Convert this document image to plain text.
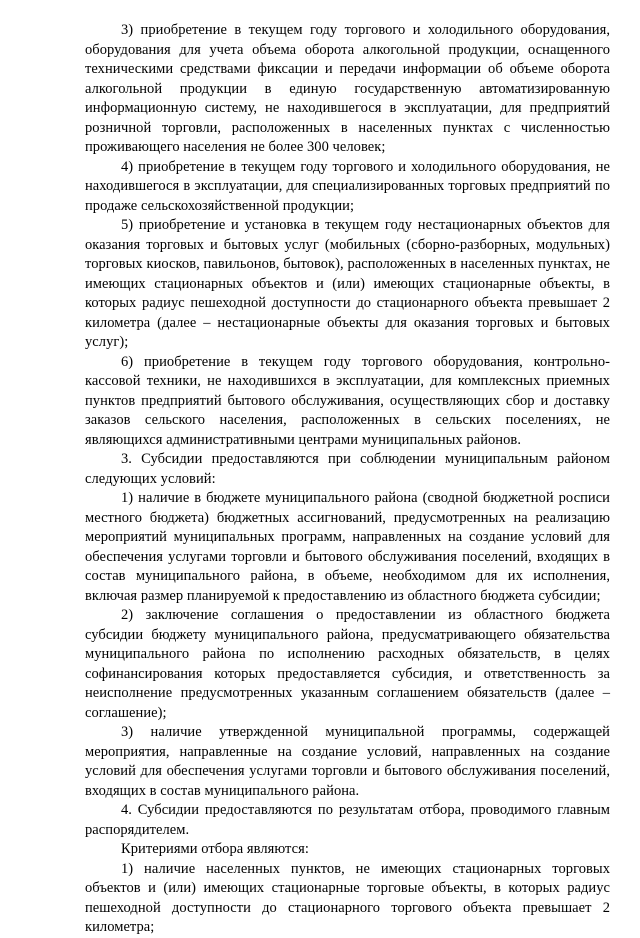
3) приобретение в текущем году торгового и холодильного оборудования, оборудования для учета объема оборота алкогольной продукции, оснащенного техническими средствами фиксации и передачи информации об объеме оборота алкогольной продукции в единую государственную автоматизированную информационную систему, не находившегося в эксплуатации, для предприятий розничной торговли, расположенных в населенных пунктах с численностью проживающего населения не более 300 человек;

4) приобретение в текущем году торгового и холодильного оборудования, не находившегося в эксплуатации, для специализированных торговых предприятий по продаже сельскохозяйственной продукции;

5) приобретение и установка в текущем году нестационарных объектов для оказания торговых и бытовых услуг (мобильных (сборно-разборных, модульных) торговых киосков, павильонов, бытовок), расположенных в населенных пунктах, не имеющих стационарных объектов и (или) имеющих стационарные объекты, в которых радиус пешеходной доступности до стационарного объекта превышает 2 километра (далее – нестационарные объекты для оказания торговых и бытовых услуг);

6) приобретение в текущем году торгового оборудования, контрольно-кассовой техники, не находившихся в эксплуатации, для комплексных приемных пунктов предприятий бытового обслуживания, осуществляющих сбор и доставку заказов сельского населения, расположенных в сельских поселениях, не являющихся административными центрами муниципальных районов.

3. Субсидии предоставляются при соблюдении муниципальным районом следующих условий:

1) наличие в бюджете муниципального района (сводной бюджетной росписи местного бюджета) бюджетных ассигнований, предусмотренных на реализацию мероприятий муниципальных программ, направленных на создание условий для обеспечения услугами торговли и бытового обслуживания поселений, входящих в состав муниципального района, в объеме, необходимом для их исполнения, включая размер планируемой к предоставлению из областного бюджета субсидии;

2) заключение соглашения о предоставлении из областного бюджета субсидии бюджету муниципального района, предусматривающего обязательства муниципального района по исполнению расходных обязательств, в целях софинансирования которых предоставляется субсидия, и ответственность за неисполнение предусмотренных указанным соглашением обязательств (далее – соглашение);

3) наличие утвержденной муниципальной программы, содержащей мероприятия, направленные на создание условий, направленных на создание условий для обеспечения услугами торговли и бытового обслуживания поселений, входящих в состав муниципального района.

4. Субсидии предоставляются по результатам отбора, проводимого главным распорядителем.

Критериями отбора являются:

1) наличие населенных пунктов, не имеющих стационарных торговых объектов и (или) имеющих стационарные торговые объекты, в которых радиус пешеходной доступности до стационарного торгового объекта превышает 2 километра;
